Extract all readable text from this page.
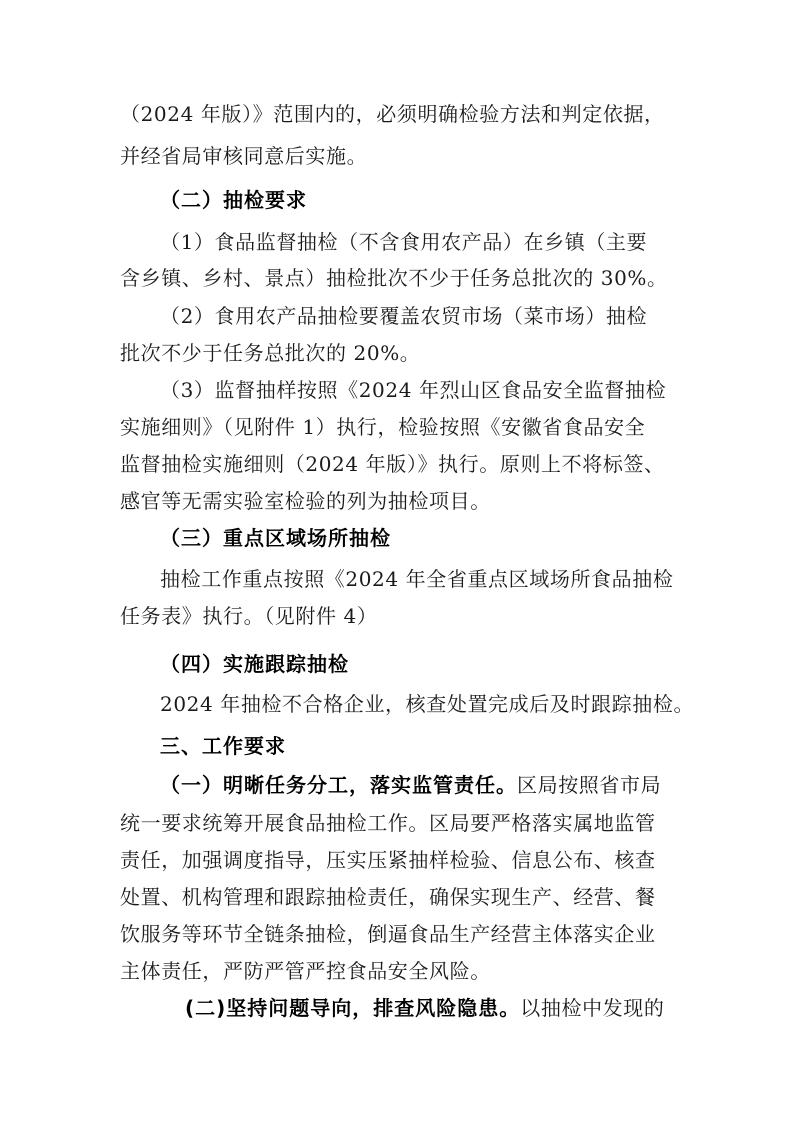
（2024 年版）》范围内的，必须明确检验方法和判定依据，
并经省局审核同意后实施。
（二）抽检要求
（1）食品监督抽检（不含食用农产品）在乡镇（主要
含乡镇、乡村、景点）抽检批次不少于任务总批次的 30%。
（2）食用农产品抽检要覆盖农贸市场（菜市场）抽检
批次不少于任务总批次的 20%。
（3）监督抽样按照《2024 年烈山区食品安全监督抽检
实施细则》（见附件 1）执行，检验按照《安徽省食品安全
监督抽检实施细则（2024 年版）》执行。原则上不将标签、
感官等无需实验室检验的列为抽检项目。
（三）重点区域场所抽检
抽检工作重点按照《2024 年全省重点区域场所食品抽检
任务表》执行。（见附件 4）
（四）实施跟踪抽检
2024 年抽检不合格企业，核查处置完成后及时跟踪抽检。
三、工作要求
（一）明晰任务分工，落实监管责任。区局按照省市局
统一要求统筹开展食品抽检工作。区局要严格落实属地监管
责任，加强调度指导，压实压紧抽样检验、信息公布、核查
处置、机构管理和跟踪抽检责任，确保实现生产、经营、餐
饮服务等环节全链条抽检，倒逼食品生产经营主体落实企业
主体责任，严防严管严控食品安全风险。
(二)坚持问题导向，排查风险隐患。以抽检中发现的
